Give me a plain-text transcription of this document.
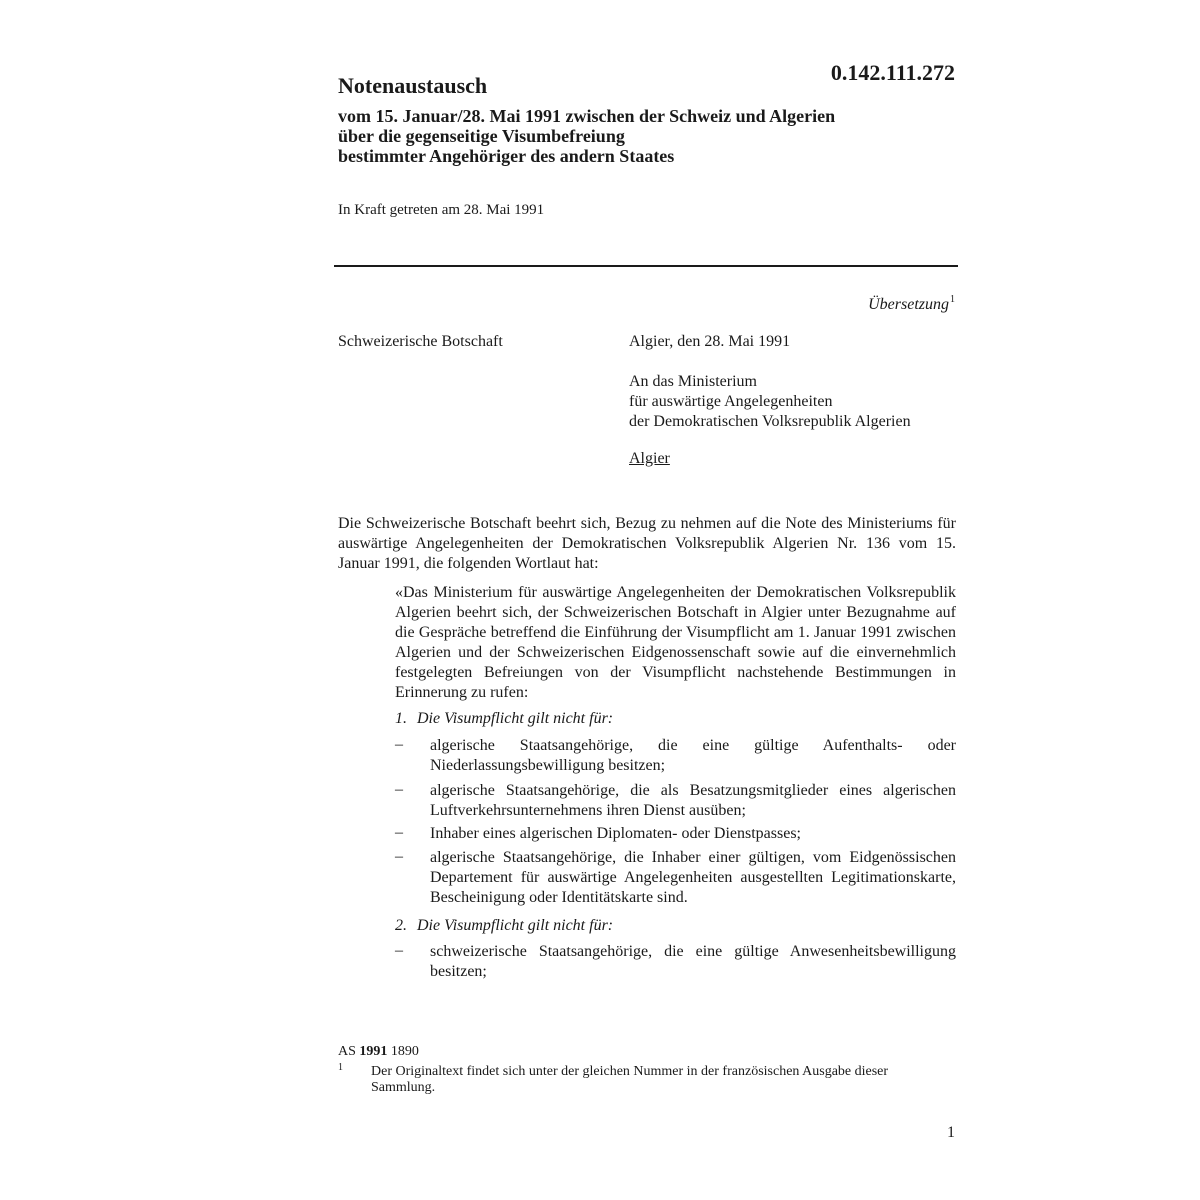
0.142.111.272
Notenaustausch
vom 15. Januar/28. Mai 1991 zwischen der Schweiz und Algerien
über die gegenseitige Visumbefreiung
bestimmter Angehöriger des andern Staates
In Kraft getreten am 28. Mai 1991
Übersetzung$^1$
Schweizerische Botschaft	Algier, den 28. Mai 1991
An das Ministerium
für auswärtige Angelegenheiten
der Demokratischen Volksrepublik Algerien
Algier

Die Schweizerische Botschaft beehrt sich, Bezug zu nehmen auf die Note des Ministeriums für auswärtige Angelegenheiten der Demokratischen Volksrepublik Algerien Nr. 136 vom 15. Januar 1991, die folgenden Wortlaut hat:

«Das Ministerium für auswärtige Angelegenheiten der Demokratischen Volksrepublik Algerien beehrt sich, der Schweizerischen Botschaft in Algier unter Bezugnahme auf die Gespräche betreffend die Einführung der Visumpflicht am 1. Januar 1991 zwischen Algerien und der Schweizerischen Eidgenossenschaft sowie auf die einvernehmlich festgelegten Befreiungen von der Visumpflicht nachstehende Bestimmungen in Erinnerung zu rufen:

1. Die Visumpflicht gilt nicht für:
– algerische Staatsangehörige, die eine gültige Aufenthalts- oder Niederlassungsbewilligung besitzen;
– algerische Staatsangehörige, die als Besatzungsmitglieder eines algerischen Luftverkehrsunternehmens ihren Dienst ausüben;
– Inhaber eines algerischen Diplomaten- oder Dienstpasses;
– algerische Staatsangehörige, die Inhaber einer gültigen, vom Eidgenössischen Departement für auswärtige Angelegenheiten ausgestellten Legitimationskarte, Bescheinigung oder Identitätskarte sind.
2. Die Visumpflicht gilt nicht für:
– schweizerische Staatsangehörige, die eine gültige Anwesenheitsbewilligung besitzen;
AS 1991 1890
1 Der Originaltext findet sich unter der gleichen Nummer in der französischen Ausgabe dieser Sammlung.
1
